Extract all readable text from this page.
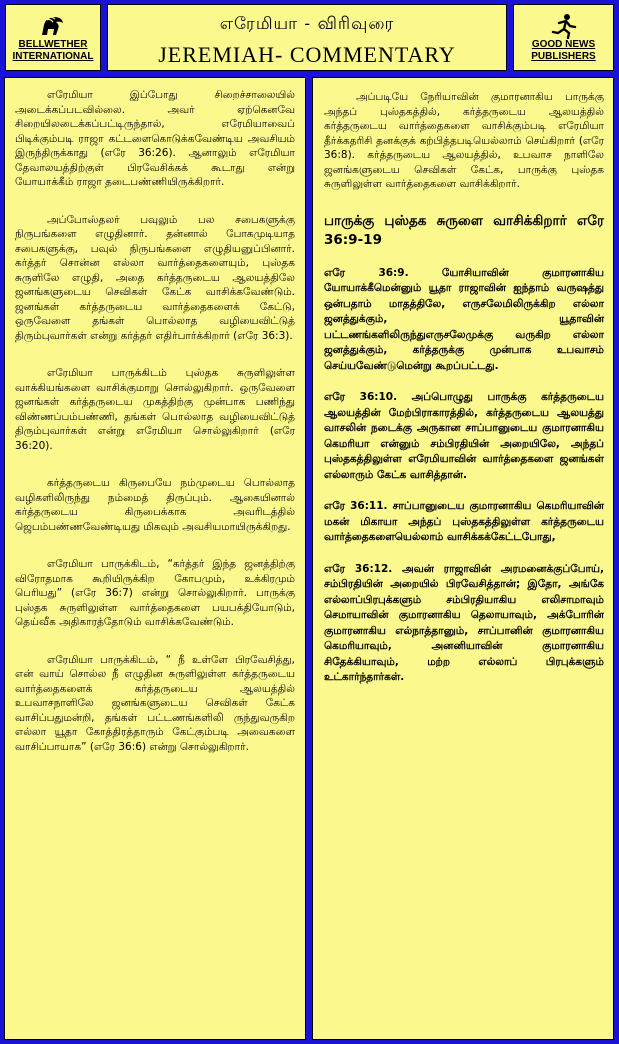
BELLWETHER INTERNATIONAL
எரேமியா - விரிவுரை
JEREMIAH- COMMENTARY	GOOD NEWS PUBLISHERS

எரேமியா இப்போது சிறைச்சாலையில் அடைக்கப்படவில்லை. அவர் ஏற்கெனவே சிறையிலடைக்கப்பட்டிருந்தால், எரேமியாவைப் பிடிக்கும்படி ராஜா கட்டளைகொடுக்கவேண்டிய அவசியம் இருந்திருக்காது (எரே 36:26). ஆனாலும் எரேமியா தேவாலயத்திற்குள் பிரவேசிக்கக் கூடாது என்று யோயாக்கீம் ராஜா தடைபண்ணியிருக்கிறார்.

அப்போஸ்தலர் பவுலும் பல சபைகளுக்கு நிருபங்களை எழுதினார். தன்னால் போகமுடியாத சபைகளுக்கு, பவுல் நிருபங்களை எழுதியனுப்பினார். கர்த்தர் சொன்ன எல்லா வார்த்தைகளையும், புஸ்தக சுருளிலே எழுதி, அதை கர்த்தருடைய ஆலயத்திலே ஜனங்களுடைய செவிகள் கேட்க வாசிக்கவேண்டும். ஜனங்கள் கர்த்தருடைய வார்த்தைகளைக் கேட்டு, ஒருவேளை தங்கள் பொல்லாத வழியைவிட்டுத் திரும்புவார்கள் என்று கர்த்தர் எதிர்பார்க்கிறார் (எரே 36:3).

எரேமியா பாருக்கிடம் புஸ்தக சுருளிலுள்ள வாக்கியங்களை வாசிக்குமாறு சொல்லுகிறார். ஒருவேளை ஜனங்கள் கர்த்தருடைய முகத்திற்கு முன்பாக பணிந்து விண்ணப்பம்பண்ணி, தங்கள் பொல்லாத வழியைவிட்டுத் திரும்புவார்கள் என்று எரேமியா சொல்லுகிறார் (எரே 36:20).

கர்த்தருடைய கிருபையே நம்முடைய பொல்லாத வழிகளிலிருந்து நம்மைத் திருப்பும். ஆகையினால் கர்த்தருடைய கிருபைக்காக அவரிடத்தில் ஜெபம்பண்ணவேண்டியது மிகவும் அவசியமாயிருக்கிறது.

எரேமியா பாருக்கிடம், “கர்த்தர் இந்த ஜனத்திற்கு விரோதமாக கூறியிருக்கிற கோபமும், உக்கிரமும் பெரியது” (எரே 36:7) என்று சொல்லுகிறார். பாருக்கு புஸ்தக சுருளிலுள்ள வார்த்தைகளை பயபக்தியோடும், தெய்வீக அதிகாரத்தோடும் வாசிக்கவேண்டும்.

எரேமியா பாருக்கிடம், “ நீ உள்ளே பிரவேசித்து, என் வாய் சொல்ல நீ எழுதின சுருளிலுள்ள கர்த்தருடைய வார்த்தைகளைக் கர்த்தருடைய ஆலயத்தில் உபவாசநாளிலே ஜனங்களுடைய செவிகள் கேட்க வாசிப்பதுமன்றி, தங்கள் பட்டணங்களிலி ருந்துவருகிற எல்லா யூதா கோத்திரத்தாரும் கேட்கும்படி அவைகளை வாசிப்பாயாக” (எரே 36:6) என்று சொல்லுகிறார்.

அப்படியே நேரியாவின் குமாரனாகிய பாருக்கு அந்தப் புஸ்தகத்தில், கர்த்தருடைய ஆலயத்தில் கர்த்தருடைய வார்த்தைகளை வாசிக்கும்படி எரேமியா தீர்க்கதரிசி தனக்குக் கற்பித்தபடியெல்லாம் செய்கிறார் (எரே 36:8). கர்த்தருடைய ஆலயத்தில், உபவாச நாளிலே ஜனங்களுடைய செவிகள் கேட்க, பாருக்கு புஸ்தக சுருளிலுள்ள வார்த்தைகளை வாசிக்கிறார்.

பாருக்கு புஸ்தக சுருளை வாசிக்கிறார் எரே 36:9-19

எரே 36:9. யோசியாவின் குமாரனாகிய யோயாக்கீமென்னும் யூதா ராஜாவின் ஐந்தாம் வருஷத்து ஒன்பதாம் மாதத்திலே, எருசலேமிலிருக்கிற எல்லா ஜனத்துக்கும், யூதாவின் பட்டணங்களிலிருந்துஎருசலேமுக்கு வருகிற எல்லா ஜனத்துக்கும், கர்த்தருக்கு முன்பாக உபவாசம் செய்யவேண்டுமென்று கூறப்பட்டது.

எரே 36:10. அப்பொழுது பாருக்கு கர்த்தருடைய ஆலயத்தின் மேற்பிராகாரத்தில், கர்த்தருடைய ஆலயத்து வாசலின் நடைக்கு அருகான சாப்பானுடைய குமாரனாகிய கெமரியா என்னும் சம்பிரதியின் அறையிலே, அந்தப் புஸ்தகத்திலுள்ள எரேமியாவின் வார்த்தைகளை ஜனங்கள் எல்லாரும் கேட்க வாசித்தான்.

எரே 36:11. சாப்பானுடைய குமாரனாகிய கெமரியாவின் மகன் மிகாயா அந்தப் புஸ்தகத்திலுள்ள கர்த்தருடைய வார்த்தைகளையெல்லாம் வாசிக்கக்கேட்டபோது,

எரே 36:12. அவன் ராஜாவின் அரமனைக்குப்போய், சம்பிரதியின் அறையில் பிரவேசித்தான்; இதோ, அங்கே எல்லாப்பிரபுக்களும் சம்பிரதியாகிய எலிசாமாவும் செமாயாவின் குமாரனாகிய தெலாயாவும், அக்போரின் குமாரனாகிய எல்நாத்தானும், சாப்பானின் குமாரனாகிய கெமரியாவும், அனனியாவின் குமாரனாகிய சிதேக்கியாவும், மற்ற எல்லாப் பிரபுக்களும் உட்கார்ந்தார்கள்.
